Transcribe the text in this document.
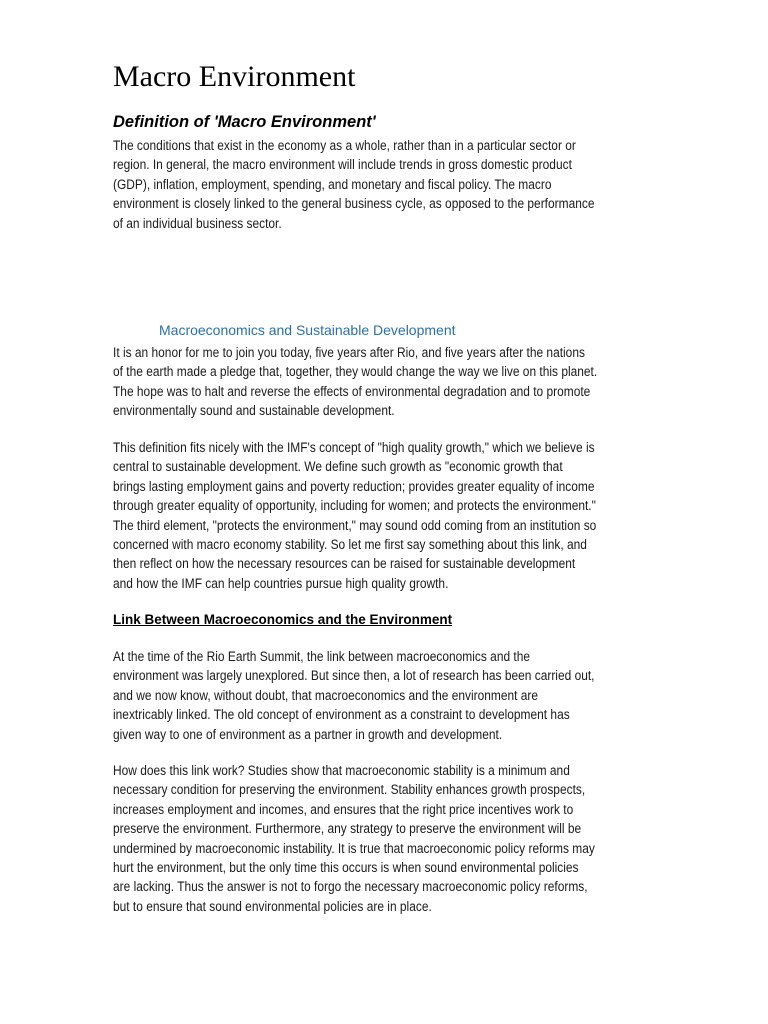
Macro Environment
Definition of 'Macro Environment'

The conditions that exist in the economy as a whole, rather than in a particular sector or
region. In general, the macro environment will include trends in gross domestic product
(GDP), inflation, employment, spending, and monetary and fiscal policy. The macro
environment is closely linked to the general business cycle, as opposed to the performance
of an individual business sector.

Macroeconomics and Sustainable Development

It is an honor for me to join you today, five years after Rio, and five years after the nations
of the earth made a pledge that, together, they would change the way we live on this planet.
The hope was to halt and reverse the effects of environmental degradation and to promote
environmentally sound and sustainable development.

This definition fits nicely with the IMF's concept of "high quality growth," which we believe is
central to sustainable development. We define such growth as "economic growth that
brings lasting employment gains and poverty reduction; provides greater equality of income
through greater equality of opportunity, including for women; and protects the environment."
The third element, "protects the environment," may sound odd coming from an institution so
concerned with macro economy stability. So let me first say something about this link, and
then reflect on how the necessary resources can be raised for sustainable development
and how the IMF can help countries pursue high quality growth.

Link Between Macroeconomics and the Environment

At the time of the Rio Earth Summit, the link between macroeconomics and the
environment was largely unexplored. But since then, a lot of research has been carried out,
and we now know, without doubt, that macroeconomics and the environment are
inextricably linked. The old concept of environment as a constraint to development has
given way to one of environment as a partner in growth and development.

How does this link work? Studies show that macroeconomic stability is a minimum and
necessary condition for preserving the environment. Stability enhances growth prospects,
increases employment and incomes, and ensures that the right price incentives work to
preserve the environment. Furthermore, any strategy to preserve the environment will be
undermined by macroeconomic instability. It is true that macroeconomic policy reforms may
hurt the environment, but the only time this occurs is when sound environmental policies
are lacking. Thus the answer is not to forgo the necessary macroeconomic policy reforms,
but to ensure that sound environmental policies are in place.
